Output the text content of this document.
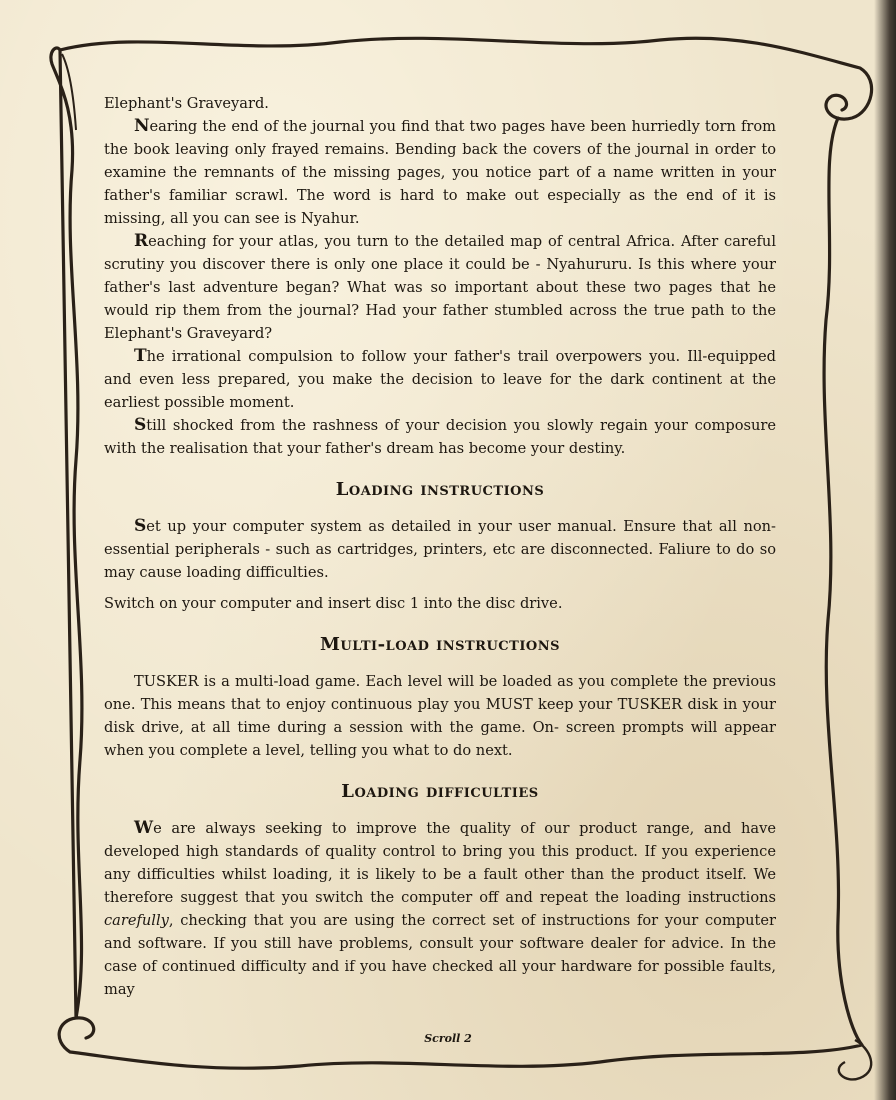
Elephant's Graveyard.

Nearing the end of the journal you find that two pages have been hurriedly torn from the book leaving only frayed remains. Bending back the covers of the journal in order to examine the remnants of the missing pages, you notice part of a name written in your father's familiar scrawl. The word is hard to make out especially as the end of it is missing, all you can see is Nyahur.

Reaching for your atlas, you turn to the detailed map of central Africa. After careful scrutiny you discover there is only one place it could be - Nyahururu. Is this where your father's last adventure began? What was so important about these two pages that he would rip them from the journal? Had your father stumbled across the true path to the Elephant's Graveyard?

The irrational compulsion to follow your father's trail overpowers you. Ill-equipped and even less prepared, you make the decision to leave for the dark continent at the earliest possible moment.

Still shocked from the rashness of your decision you slowly regain your composure with the realisation that your father's dream has become your destiny.

Loading instructions

Set up your computer system as detailed in your user manual. Ensure that all non-essential peripherals - such as cartridges, printers, etc are disconnected. Faliure to do so may cause loading difficulties.

Switch on your computer and insert disc 1 into the disc drive.

Multi-load instructions

TUSKER is a multi-load game. Each level will be loaded as you complete the previous one. This means that to enjoy continuous play you MUST keep your TUSKER disk in your disk drive, at all time during a session with the game. On- screen prompts will appear when you complete a level, telling you what to do next.

Loading difficulties

We are always seeking to improve the quality of our product range, and have developed high standards of quality control to bring you this product. If you experience any difficulties whilst loading, it is likely to be a fault other than the product itself. We therefore suggest that you switch the computer off and repeat the loading instructions carefully, checking that you are using the correct set of instructions for your computer and software. If you still have problems, consult your software dealer for advice. In the case of continued difficulty and if you have checked all your hardware for possible faults, may

Scroll 2
